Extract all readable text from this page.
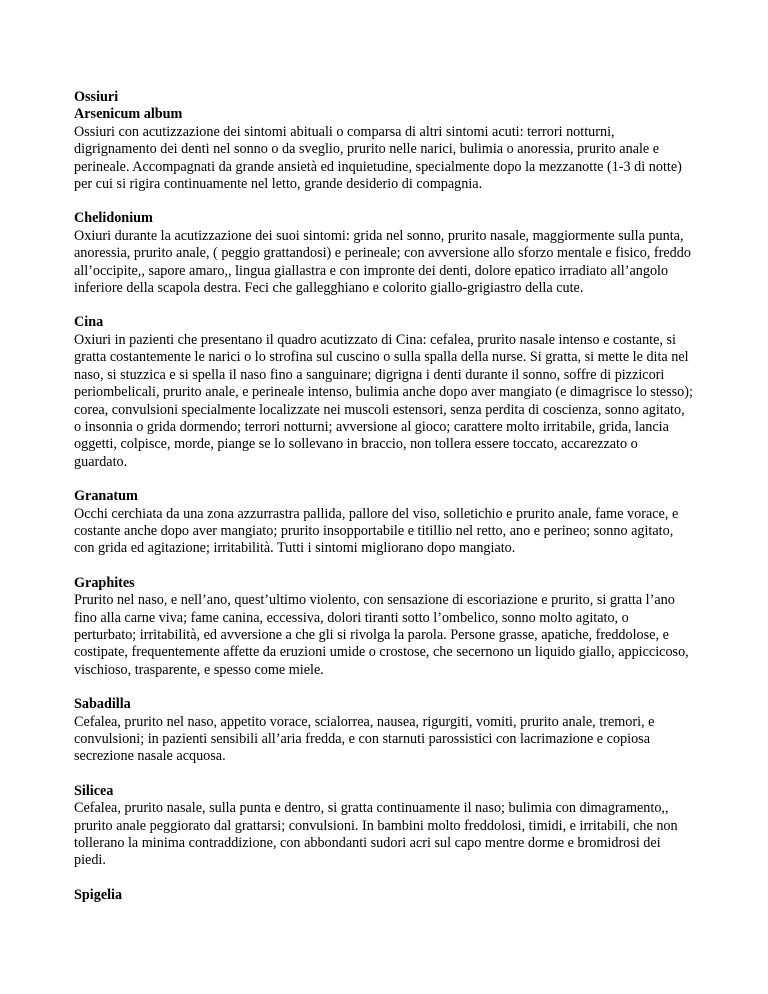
Ossiuri
Arsenicum album

Ossiuri con acutizzazione dei sintomi abituali o comparsa di altri sintomi acuti: terrori notturni, digrignamento dei denti nel sonno o da sveglio, prurito nelle narici, bulimia o anoressia, prurito anale e perineale. Accompagnati da grande ansietà ed inquietudine, specialmente dopo la mezzanotte (1-3 di notte) per cui si rigira continuamente nel letto, grande desiderio di compagnia.

Chelidonium

Oxiuri durante la acutizzazione dei suoi sintomi: grida nel sonno, prurito nasale, maggiormente sulla punta, anoressia, prurito anale, ( peggio grattandosi) e perineale; con avversione allo sforzo mentale e fisico, freddo all’occipite,, sapore amaro,, lingua giallastra e con impronte dei denti, dolore epatico irradiato all’angolo inferiore della scapola destra. Feci che gallegghiano e colorito giallo-grigiastro della cute.

Cina

Oxiuri in pazienti che presentano il quadro acutizzato di Cina: cefalea, prurito nasale intenso e costante, si gratta costantemente le narici o lo strofina sul cuscino o sulla spalla della nurse. Si gratta, si mette le dita nel naso, si stuzzica e si spella il naso fino a sanguinare; digrigna i denti durante il sonno, soffre di pizzicori periombelicali, prurito anale, e perineale intenso, bulimia anche dopo aver mangiato (e dimagrisce lo stesso); corea, convulsioni specialmente localizzate nei muscoli estensori, senza perdita di coscienza, sonno agitato, o insonnia o grida dormendo; terrori notturni; avversione al gioco; carattere molto irritabile, grida, lancia oggetti, colpisce, morde, piange se lo sollevano in braccio, non tollera essere toccato, accarezzato o guardato.

Granatum

Occhi cerchiata da una zona azzurrastra pallida, pallore del viso, solletichio e prurito anale, fame vorace, e costante anche dopo aver mangiato; prurito insopportabile e titillio nel retto, ano e perineo; sonno agitato, con grida ed agitazione; irritabilità. Tutti i sintomi migliorano dopo mangiato.

Graphites

Prurito nel naso, e nell’ano, quest’ultimo violento, con sensazione di escoriazione e prurito, si gratta l’ano fino alla carne viva; fame canina, eccessiva, dolori tiranti sotto l’ombelico, sonno molto agitato, o perturbato; irritabilità, ed avversione a che gli si rivolga la parola. Persone grasse, apatiche, freddolose, e costipate, frequentemente affette da eruzioni umide o crostose, che secernono un liquido giallo, appiccicoso, vischioso, trasparente, e spesso come miele.

Sabadilla

Cefalea, prurito nel naso, appetito vorace, scialorrea, nausea, rigurgiti, vomiti, prurito anale, tremori, e convulsioni; in pazienti sensibili all’aria fredda, e con starnuti parossistici con lacrimazione e copiosa secrezione nasale acquosa.

Silicea

Cefalea, prurito nasale, sulla punta e dentro, si gratta continuamente il naso; bulimia con dimagramento,, prurito anale peggiorato dal grattarsi; convulsioni. In bambini molto freddolosi, timidi, e irritabili, che non tollerano la minima contraddizione, con abbondanti sudori acri sul capo mentre dorme e bromidrosi dei piedi.

Spigelia
